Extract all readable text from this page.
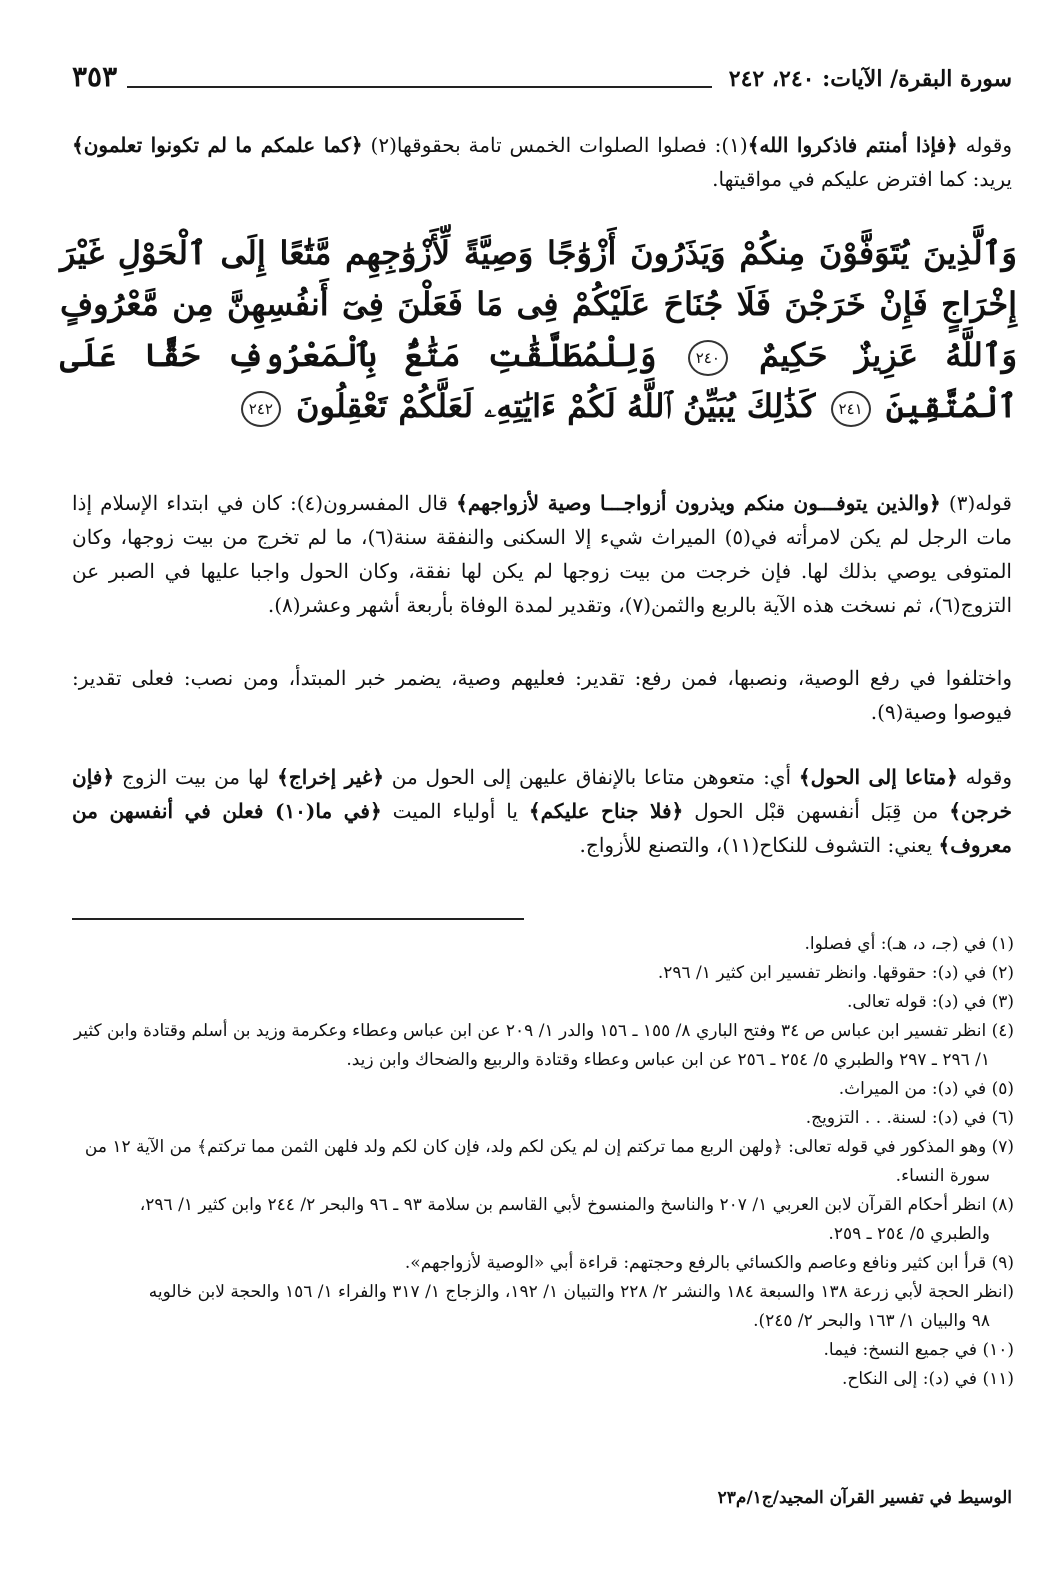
سورة البقرة/ الآيات: ٢٤٠، ٢٤٢
٣٥٣

وقوله ﴿فإذا أمنتم فاذكروا الله﴾(١): فصلوا الصلوات الخمس تامة بحقوقها(٢) ﴿كما علمكم ما لم تكونوا تعلمون﴾ يريد: كما افترض عليكم في مواقيتها.

وَٱلَّذِينَ يُتَوَفَّوْنَ مِنكُمْ وَيَذَرُونَ أَزْوَٰجًا وَصِيَّةً لِّأَزْوَٰجِهِم مَّتَٰعًا إِلَى ٱلْحَوْلِ غَيْرَ إِخْرَاجٍ فَإِنْ خَرَجْنَ فَلَا جُنَاحَ عَلَيْكُمْ فِى مَا فَعَلْنَ فِىٓ أَنفُسِهِنَّ مِن مَّعْرُوفٍ وَٱللَّهُ عَزِيزٌ حَكِيمٌ ٢٤٠ وَلِلْمُطَلَّقَٰتِ مَتَٰعٌۢ بِٱلْمَعْرُوفِ حَقًّا عَلَى ٱلْمُتَّقِينَ ٢٤١ كَذَٰلِكَ يُبَيِّنُ ٱللَّهُ لَكُمْ ءَايَٰتِهِۦ لَعَلَّكُمْ تَعْقِلُونَ ٢٤٢

قوله(٣) ﴿والذين يتوفـــون منكم ويذرون أزواجـــا وصية لأزواجهم﴾ قال المفسرون(٤): كان في ابتداء الإسلام إذا مات الرجل لم يكن لامرأته في(٥) الميراث شيء إلا السكنى والنفقة سنة(٦)، ما لم تخرج من بيت زوجها، وكان المتوفى يوصي بذلك لها. فإن خرجت من بيت زوجها لم يكن لها نفقة، وكان الحول واجبا عليها في الصبر عن التزوج(٦)، ثم نسخت هذه الآية بالربع والثمن(٧)، وتقدير لمدة الوفاة بأربعة أشهر وعشر(٨).

واختلفوا في رفع الوصية، ونصبها، فمن رفع: تقدير: فعليهم وصية، يضمر خبر المبتدأ، ومن نصب: فعلى تقدير: فيوصوا وصية(٩).

وقوله ﴿متاعا إلى الحول﴾ أي: متعوهن متاعا بالإنفاق عليهن إلى الحول من ﴿غير إخراج﴾ لها من بيت الزوج ﴿فإن خرجن﴾ من قِبَل أنفسهن قبْل الحول ﴿فلا جناح عليكم﴾ يا أولياء الميت ﴿في ما(١٠) فعلن في أنفسهن من معروف﴾ يعني: التشوف للنكاح(١١)، والتصنع للأزواج.

(١) في (جـ، د، هـ): أي فصلوا.
(٢) في (د): حقوقها. وانظر تفسير ابن كثير ١/ ٢٩٦.
(٣) في (د): قوله تعالى.
(٤) انظر تفسير ابن عباس ص ٣٤ وفتح الباري ٨/ ١٥٥ ـ ١٥٦ والدر ١/ ٢٠٩ عن ابن عباس وعطاء وعكرمة وزيد بن أسلم وقتادة وابن كثير
١/ ٢٩٦ ـ ٢٩٧ والطبري ٥/ ٢٥٤ ـ ٢٥٦ عن ابن عباس وعطاء وقتادة والربيع والضحاك وابن زيد.
(٥) في (د): من الميراث.
(٦) في (د): لسنة. . . التزويج.
(٧) وهو المذكور في قوله تعالى: ﴿ولهن الربع مما تركتم إن لم يكن لكم ولد، فإن كان لكم ولد فلهن الثمن مما تركتم﴾ من الآية ١٢ من
سورة النساء.
(٨) انظر أحكام القرآن لابن العربي ١/ ٢٠٧ والناسخ والمنسوخ لأبي القاسم بن سلامة ٩٣ ـ ٩٦ والبحر ٢/ ٢٤٤ وابن كثير ١/ ٢٩٦،
والطبري ٥/ ٢٥٤ ـ ٢٥٩.
(٩) قرأ ابن كثير ونافع وعاصم والكسائي بالرفع وحجتهم: قراءة أبي «الوصية لأزواجهم».
(انظر الحجة لأبي زرعة ١٣٨ والسبعة ١٨٤ والنشر ٢/ ٢٢٨ والتبيان ١/ ١٩٢، والزجاج ١/ ٣١٧ والفراء ١/ ١٥٦ والحجة لابن خالويه
٩٨ والبيان ١/ ١٦٣ والبحر ٢/ ٢٤٥).
(١٠) في جميع النسخ: فيما.
(١١) في (د): إلى النكاح.
الوسيط في تفسير القرآن المجيد/ج١/م٢٣
